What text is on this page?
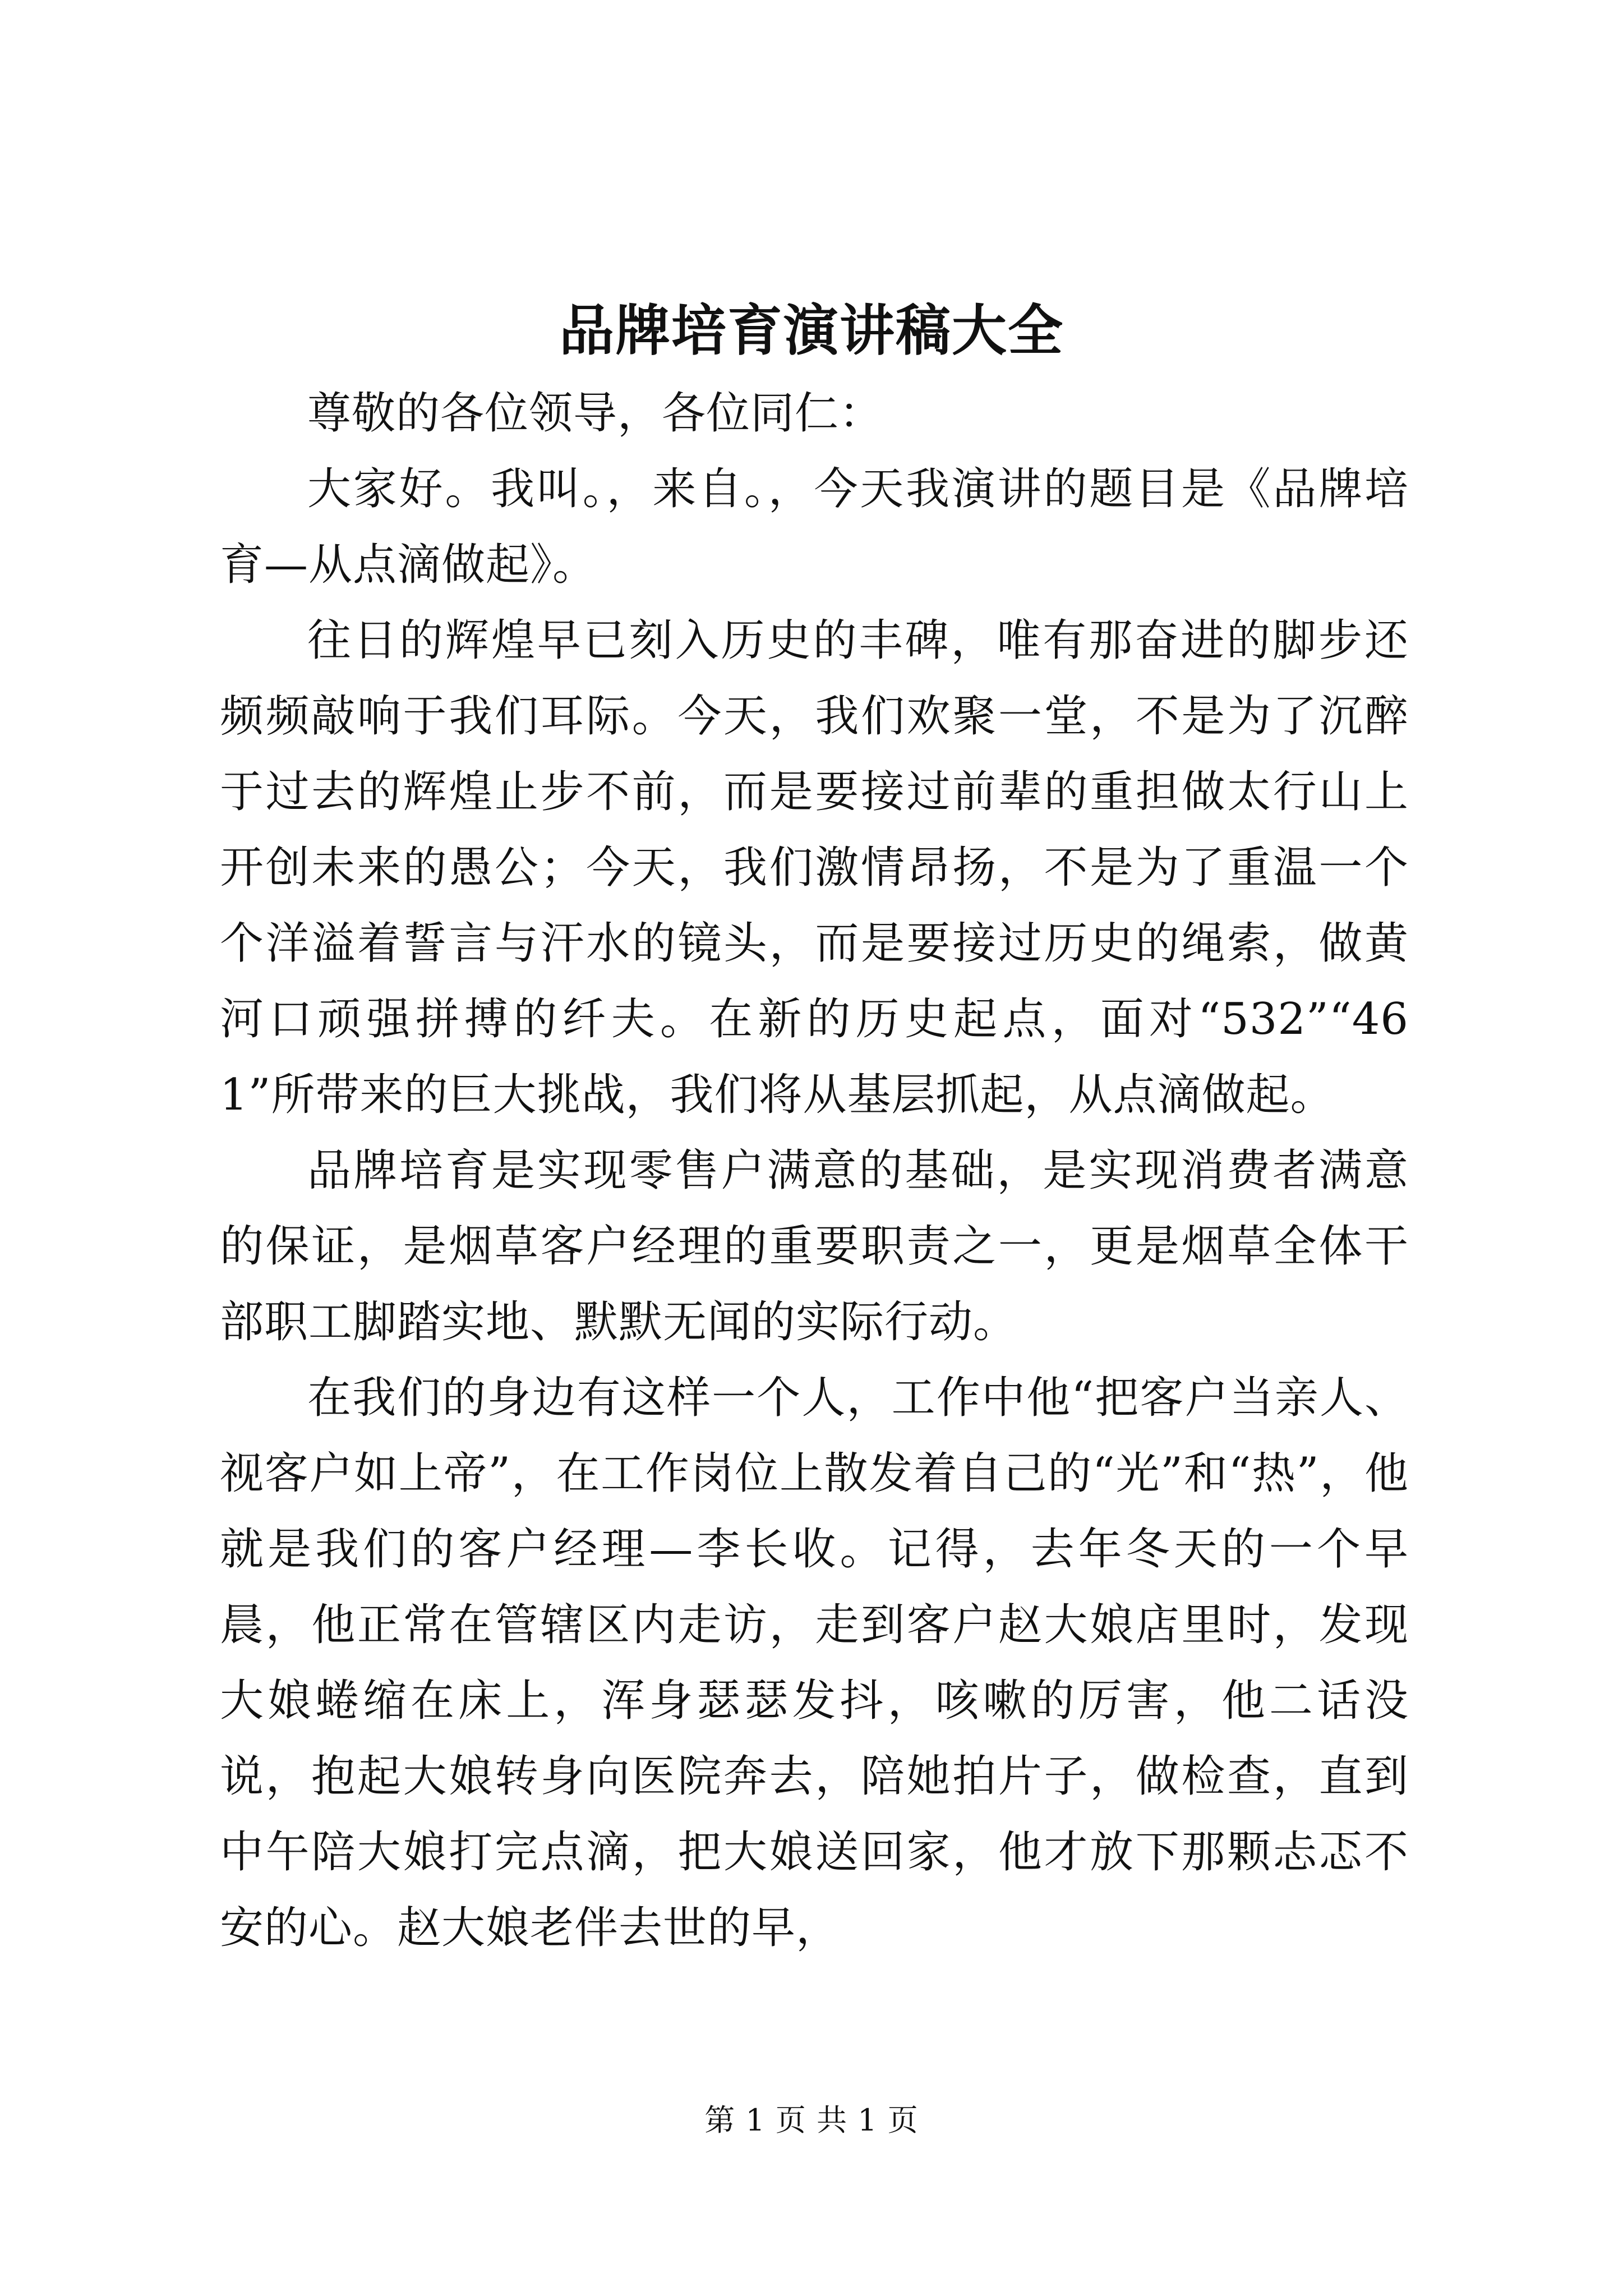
品牌培育演讲稿大全

尊敬的各位领导，各位同仁：

大家好。我叫。，来自。，今天我演讲的题目是《品牌培育—从点滴做起》。

往日的辉煌早已刻入历史的丰碑，唯有那奋进的脚步还频频敲响于我们耳际。今天，我们欢聚一堂，不是为了沉醉于过去的辉煌止步不前，而是要接过前辈的重担做太行山上开创未来的愚公；今天，我们激情昂扬，不是为了重温一个个洋溢着誓言与汗水的镜头，而是要接过历史的绳索，做黄河口顽强拼搏的纤夫。在新的历史起点，面对“532”“461”所带来的巨大挑战，我们将从基层抓起，从点滴做起。

品牌培育是实现零售户满意的基础，是实现消费者满意的保证，是烟草客户经理的重要职责之一，更是烟草全体干部职工脚踏实地、默默无闻的实际行动。

在我们的身边有这样一个人，工作中他“把客户当亲人、视客户如上帝”，在工作岗位上散发着自己的“光”和“热”，他就是我们的客户经理—李长收。记得，去年冬天的一个早晨，他正常在管辖区内走访，走到客户赵大娘店里时，发现大娘蜷缩在床上，浑身瑟瑟发抖，咳嗽的厉害，他二话没说，抱起大娘转身向医院奔去，陪她拍片子，做检查，直到中午陪大娘打完点滴，把大娘送回家，他才放下那颗忐忑不安的心。赵大娘老伴去世的早，

第 1 页 共 1 页
